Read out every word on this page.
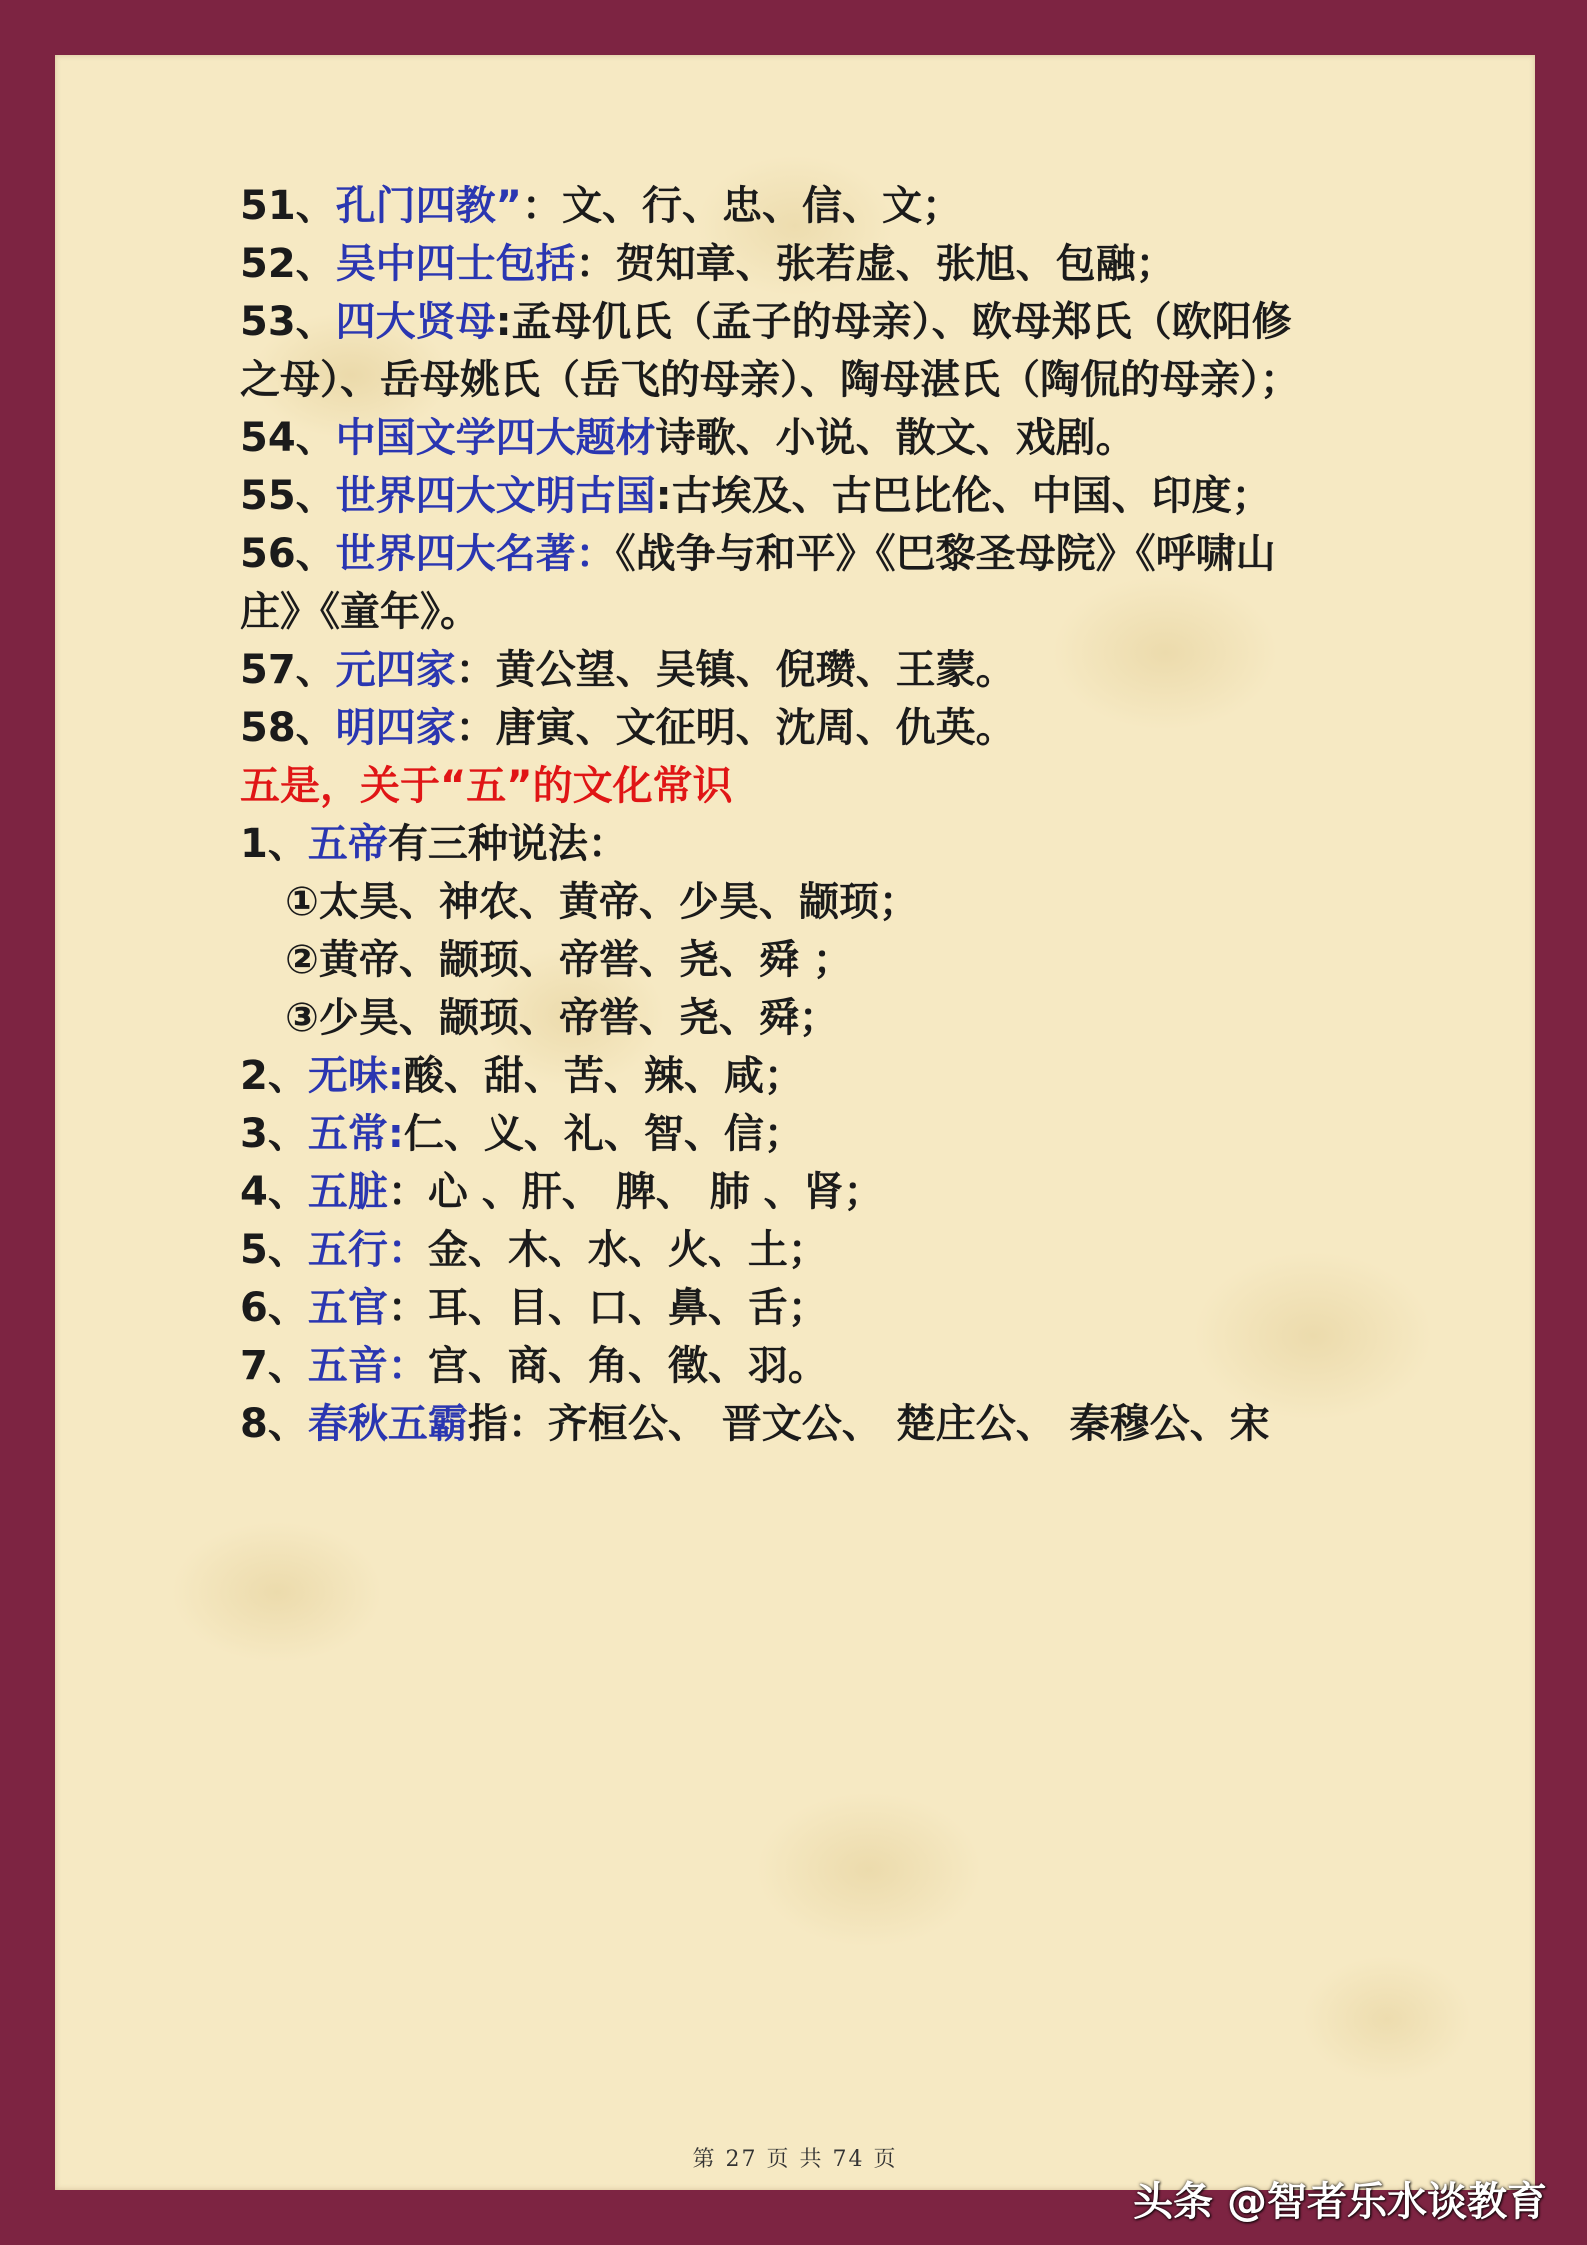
51、孔门四教”：文、行、忠、信、文；
52、吴中四士包括：贺知章、张若虚、张旭、包融；
53、四大贤母:孟母仉氏（孟子的母亲）、欧母郑氏（欧阳修
之母）、岳母姚氏（岳飞的母亲）、陶母湛氏（陶侃的母亲）；
54、中国文学四大题材诗歌、小说、散文、戏剧。
55、世界四大文明古国:古埃及、古巴比伦、中国、印度；
56、世界四大名著：《战争与和平》《巴黎圣母院》《呼啸山
庄》《童年》。
57、元四家：黄公望、吴镇、倪瓒、王蒙。
58、明四家：唐寅、文征明、沈周、仇英。
五是，关于“五”的文化常识
1、五帝有三种说法：
①太昊、神农、黄帝、少昊、颛顼；
②黄帝、颛顼、帝喾、尧、舜 ；
③少昊、颛顼、帝喾、尧、舜；
2、无味:酸、甜、苦、辣、咸；
3、五常:仁、义、礼、智、信；
4、五脏：心 、肝、 脾、 肺 、肾；
5、五行：金、木、水、火、土；
6、五官：耳、目、口、鼻、舌；
7、五音：宫、商、角、徵、羽。
8、春秋五霸指：齐桓公、 晋文公、 楚庄公、 秦穆公、宋
第 27 页 共 74 页
头条 @智者乐水谈教育
